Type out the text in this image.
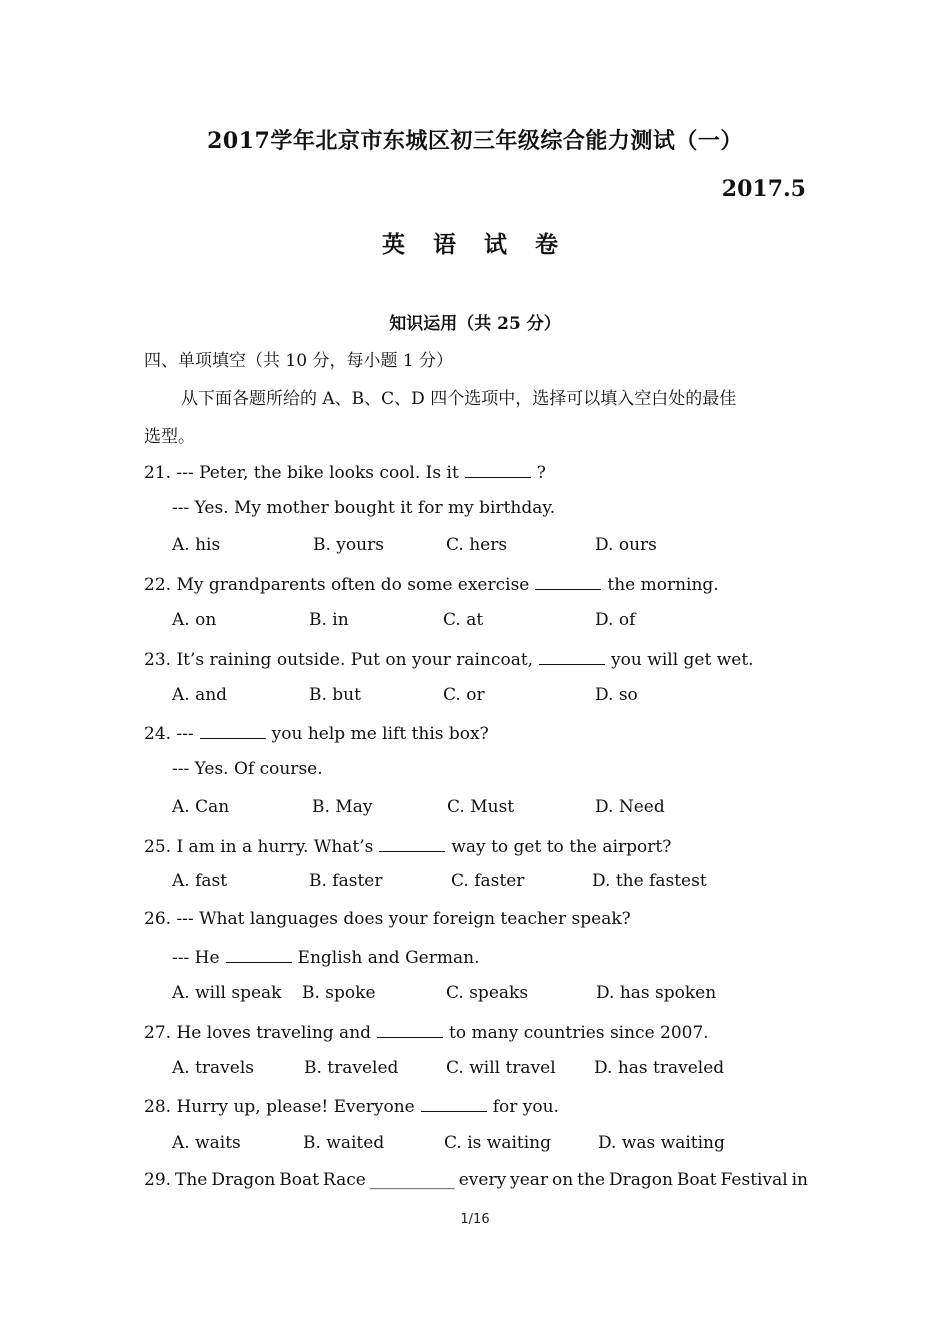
2017学年北京市东城区初三年级综合能力测试（一）
2017.5
英 语 试 卷
知识运用（共 25 分）
四、单项填空（共 10 分，每小题 1 分）
从下面各题所给的 A、B、C、D 四个选项中，选择可以填入空白处的最佳
选型。
21. --- Peter, the bike looks cool. Is it	?
--- Yes. My mother bought it for my birthday.
A. his	B. yours	C. hers	D. ours
22. My grandparents often do some exercise	the morning.
A. on	B. in	C. at	D. of
23. It’s raining outside. Put on your raincoat,	you will get wet.
A. and	B. but	C. or	D. so
24. ---	you help me lift this box?
--- Yes. Of course.
A. Can	B. May	C. Must	D. Need
25. I am in a hurry. What’s	way to get to the airport?
A. fast	B. faster	C. faster	D. the fastest
26. --- What languages does your foreign teacher speak?
--- He	English and German.
A. will speak B. spoke	C. speaks	D. has spoken
27. He loves traveling and	to many countries since 2007.
A. travels	B. traveled	C. will travel D. has traveled
28. Hurry up, please! Everyone	for you.
A. waits	B. waited	C. is waiting	D. was waiting
29. The Dragon Boat Race __________ every year on the Dragon Boat Festival in
1/16
